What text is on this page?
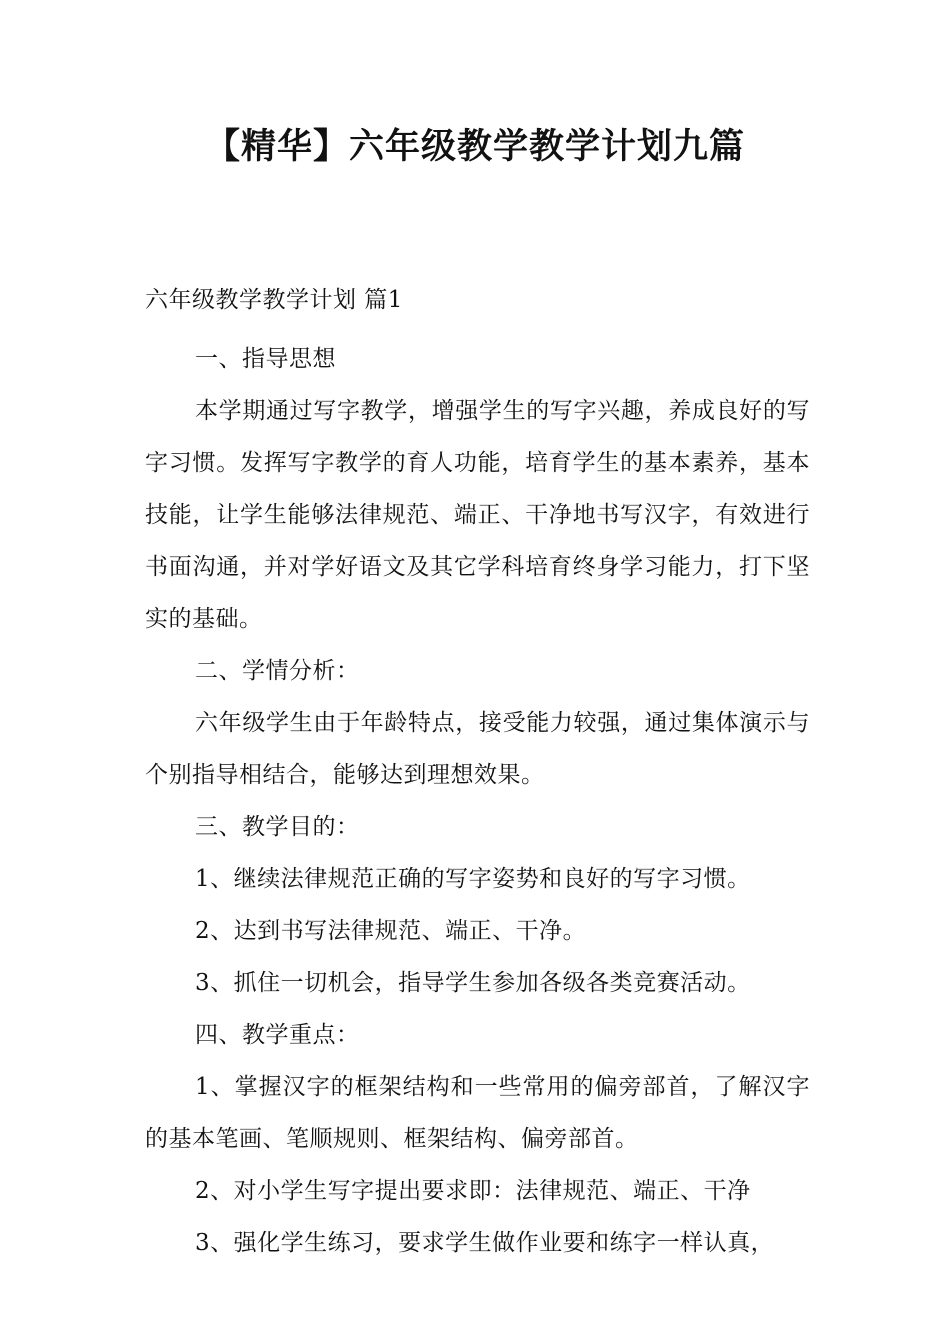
【精华】六年级教学教学计划九篇

六年级教学教学计划 篇1

一、指导思想

本学期通过写字教学，增强学生的写字兴趣，养成良好的写字习惯。发挥写字教学的育人功能，培育学生的基本素养，基本技能，让学生能够法律规范、端正、干净地书写汉字，有效进行书面沟通，并对学好语文及其它学科培育终身学习能力，打下坚实的基础。

二、学情分析：

六年级学生由于年龄特点，接受能力较强，通过集体演示与个别指导相结合，能够达到理想效果。

三、教学目的：

1、继续法律规范正确的写字姿势和良好的写字习惯。

2、达到书写法律规范、端正、干净。

3、抓住一切机会，指导学生参加各级各类竞赛活动。

四、教学重点：

1、掌握汉字的框架结构和一些常用的偏旁部首，了解汉字的基本笔画、笔顺规则、框架结构、偏旁部首。

2、对小学生写字提出要求即：法律规范、端正、干净

3、强化学生练习，要求学生做作业要和练字一样认真，
